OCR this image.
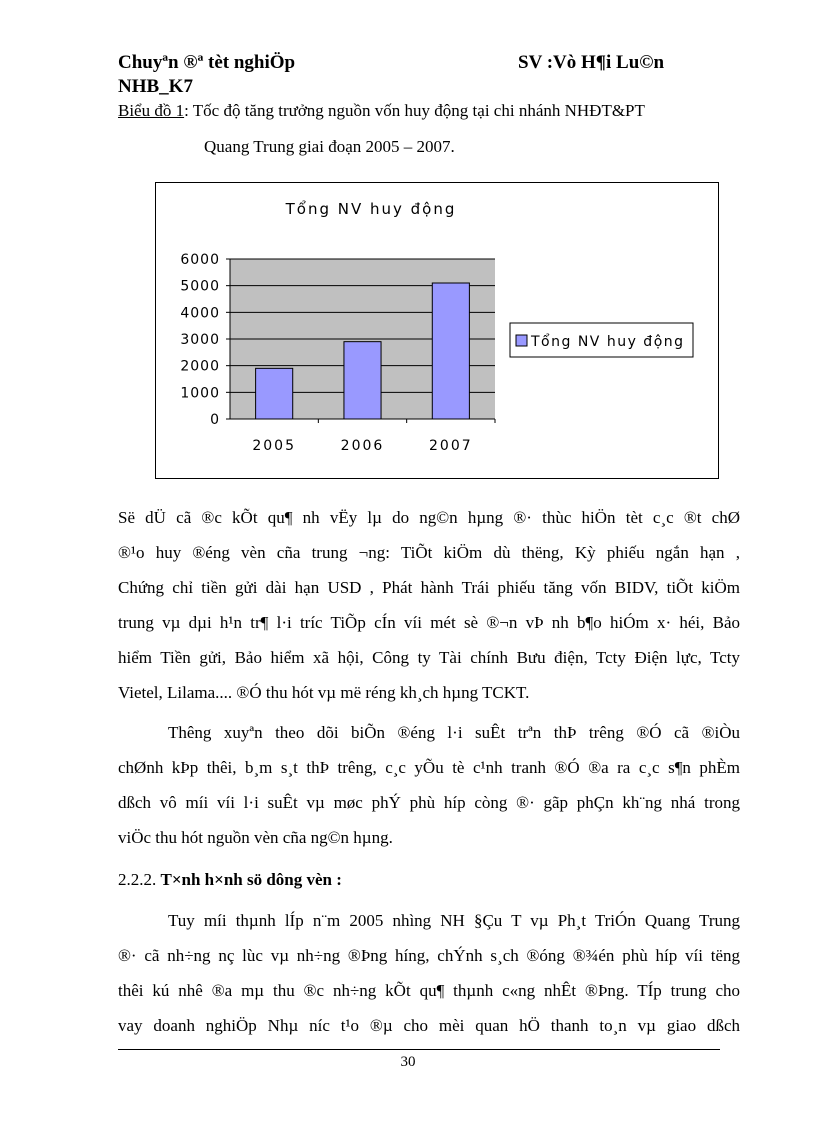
Chuyªn ®ª tèt nghiÖp	SV :Vò H¶i Lu©n
NHB_K7
Biểu đồ 1: Tốc độ tăng trưởng nguồn vốn huy động tại chi nhánh NHĐT&PT
Quang Trung giai đoạn 2005 – 2007.
Tổng NV huy động
0
1000
2000
3000
4000
5000
6000
2005	2006	2007
Tổng NV huy động
Së dÜ cã ®c kÕt qu¶ nh vËy lµ do ng©n hµng ®· thùc hiÖn tèt c¸c ®t chØ
®¹o huy ®éng vèn cña trung ¬ng: TiÕt kiÖm dù thëng, Kỳ phiếu ngắn hạn ,
Chứng chỉ tiền gửi dài hạn USD , Phát hành Trái phiếu tăng vốn BIDV, tiÕt kiÖm
trung vµ dµi h¹n tr¶ l·i tríc TiÕp cÍn víi mét sè ®¬n vÞ nh b¶o hiÓm x· héi, Bảo
hiểm Tiền gửi, Bảo hiểm xã hội, Công ty Tài chính Bưu điện, Tcty Điện lực, Tcty
Vietel, Lilama.... ®Ó thu hót vµ më réng kh¸ch hµng TCKT.
Thêng xuyªn theo dõi biÕn ®éng l·i suÊt trªn thÞ trêng ®Ó cã ®iÒu
chØnh kÞp thêi, b¸m s¸t thÞ trêng, c¸c yÕu tè c¹nh tranh ®Ó ®a ra c¸c s¶n phÈm
dßch vô míi víi l·i suÊt vµ møc phÝ phù híp còng ®· gãp phÇn kh¨ng nhá trong
viÖc thu hót nguồn vèn cña ng©n hµng.
2.2.2. T×nh h×nh sö dông vèn :
Tuy míi thµnh lÍp n¨m 2005 nhìng NH §Çu T vµ Ph¸t TriÓn Quang Trung
®· cã nh÷ng nç lùc vµ nh÷ng ®Þng híng, chÝnh s¸ch ®óng ®¾én phù híp víi tëng
thêi kú nhê ®a mµ thu ®c nh÷ng kÕt qu¶ thµnh c«ng nhÊt ®Þng. TÍp trung cho
vay doanh nghiÖp Nhµ níc t¹o ®µ cho mèi quan hÖ thanh to¸n vµ giao dßch
30
